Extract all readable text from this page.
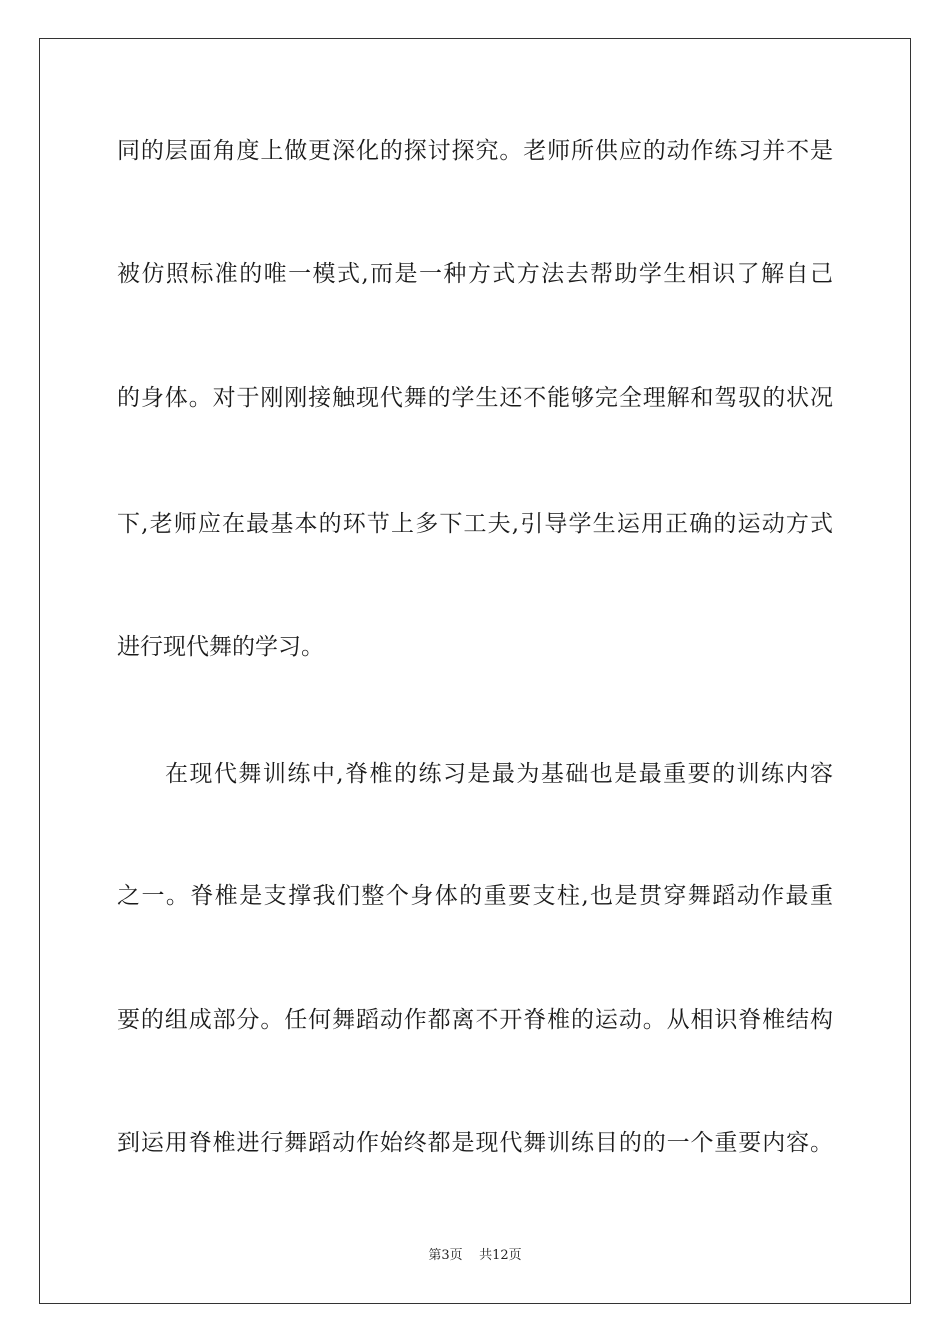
同的层面角度上做更深化的探讨探究。老师所供应的动作练习并不是
被仿照标准的唯一模式,而是一种方式方法去帮助学生相识了解自己
的身体。对于刚刚接触现代舞的学生还不能够完全理解和驾驭的状况
下,老师应在最基本的环节上多下工夫,引导学生运用正确的运动方式
进行现代舞的学习。
在现代舞训练中,脊椎的练习是最为基础也是最重要的训练内容
之一。脊椎是支撑我们整个身体的重要支柱,也是贯穿舞蹈动作最重
要的组成部分。任何舞蹈动作都离不开脊椎的运动。从相识脊椎结构
到运用脊椎进行舞蹈动作始终都是现代舞训练目的的一个重要内容。
第3页 共12页
